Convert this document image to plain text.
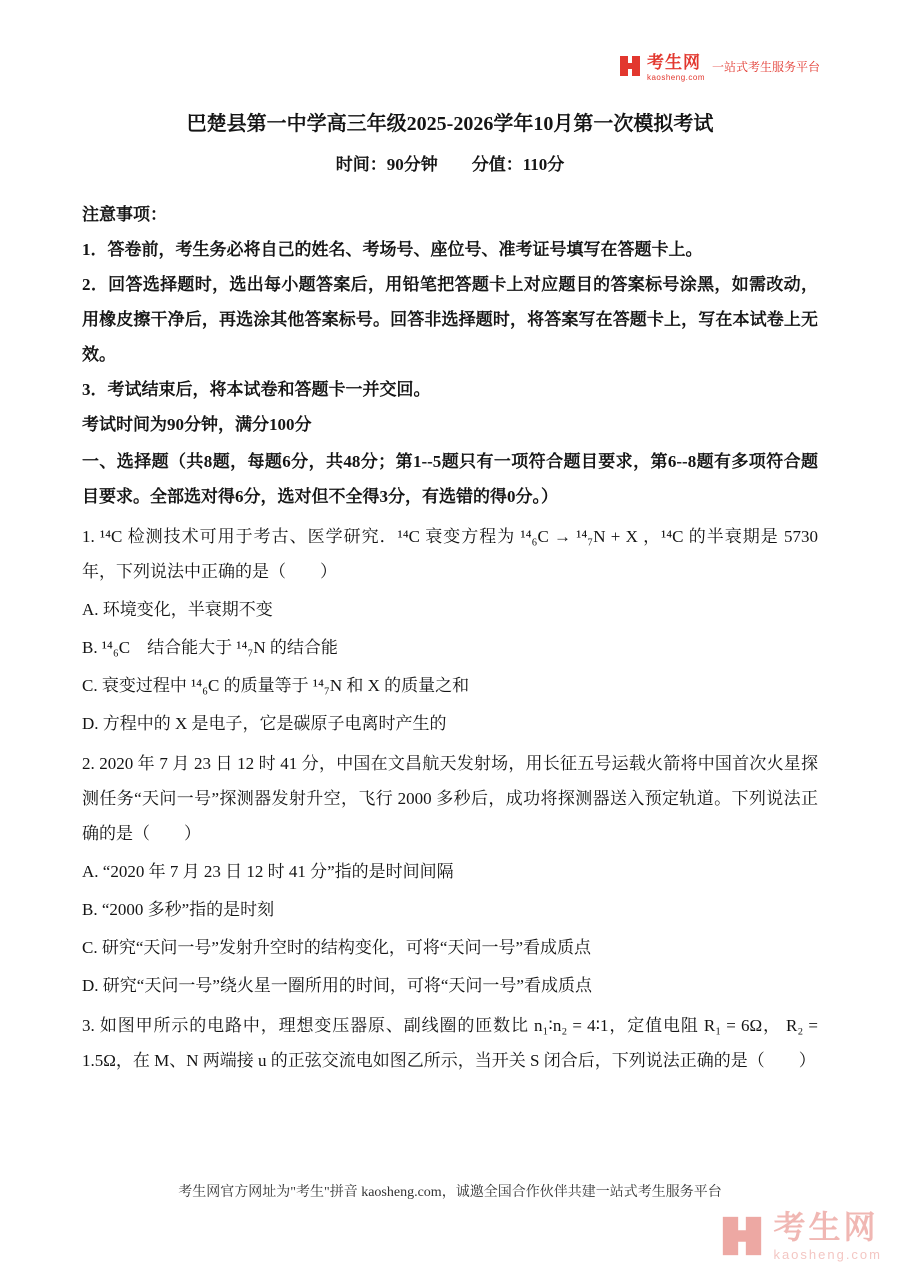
考生网
kaosheng.com
一站式考生服务平台
巴楚县第一中学高三年级2025-2026学年10月第一次模拟考试
时间：90分钟　　分值：110分

注意事项：

1．答卷前，考生务必将自己的姓名、考场号、座位号、准考证号填写在答题卡上。

2．回答选择题时，选出每小题答案后，用铅笔把答题卡上对应题目的答案标号涂黑，如需改动，用橡皮擦干净后，再选涂其他答案标号。回答非选择题时，将答案写在答题卡上，写在本试卷上无效。

3．考试结束后，将本试卷和答题卡一并交回。

考试时间为90分钟，满分100分

一、选择题（共8题，每题6分，共48分；第1--5题只有一项符合题目要求，第6--8题有多项符合题目要求。全部选对得6分，选对但不全得3分，有选错的得0分。）

1. ¹⁴C 检测技术可用于考古、医学研究．¹⁴C 衰变方程为 ¹⁴₆C → ¹⁴₇N + X ，¹⁴C 的半衰期是 5730 年，下列说法中正确的是（　　）

A. 环境变化，半衰期不变

B. ¹⁴₆C　结合能大于 ¹⁴₇N 的结合能

C. 衰变过程中 ¹⁴₆C 的质量等于 ¹⁴₇N 和 X 的质量之和

D. 方程中的 X 是电子，它是碳原子电离时产生的

2. 2020 年 7 月 23 日 12 时 41 分，中国在文昌航天发射场，用长征五号运载火箭将中国首次火星探测任务“天问一号”探测器发射升空，飞行 2000 多秒后，成功将探测器送入预定轨道。下列说法正确的是（　　）

A. “2020 年 7 月 23 日 12 时 41 分”指的是时间间隔

B. “2000 多秒”指的是时刻

C. 研究“天问一号”发射升空时的结构变化，可将“天问一号”看成质点

D. 研究“天问一号”绕火星一圈所用的时间，可将“天问一号”看成质点

3. 如图甲所示的电路中，理想变压器原、副线圈的匝数比 n₁∶n₂ = 4∶1，定值电阻 R₁ = 6Ω， R₂ = 1.5Ω，在 M、N 两端接 u 的正弦交流电如图乙所示，当开关 S 闭合后，下列说法正确的是（　　）

考生网官方网址为"考生"拼音 kaosheng.com，诚邀全国合作伙伴共建一站式考生服务平台
考生网
kaosheng.com
